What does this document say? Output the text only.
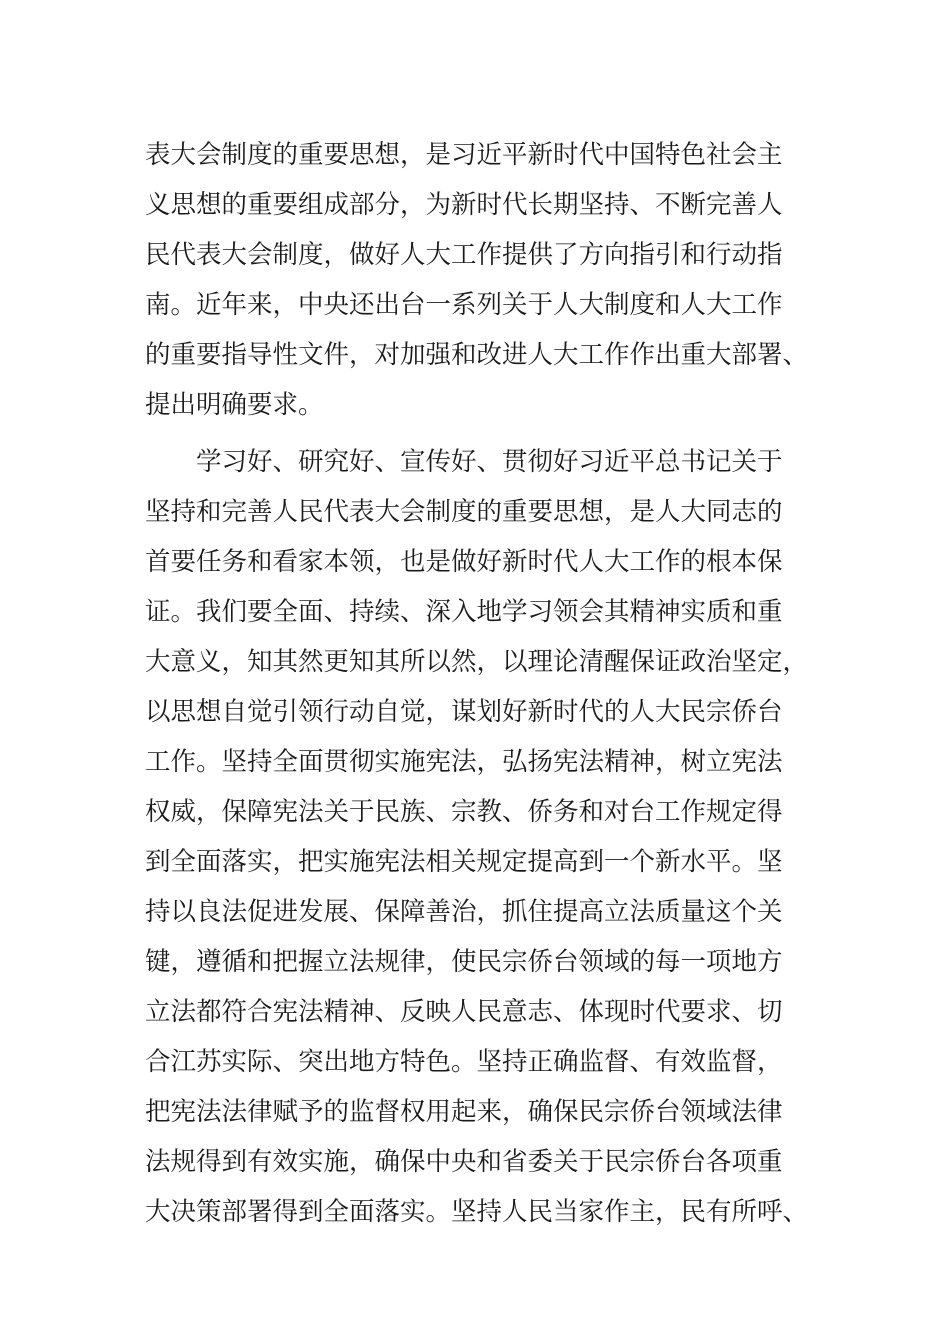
表大会制度的重要思想，是习近平新时代中国特色社会主
义思想的重要组成部分，为新时代长期坚持、不断完善人
民代表大会制度，做好人大工作提供了方向指引和行动指
南。近年来，中央还出台一系列关于人大制度和人大工作
的重要指导性文件，对加强和改进人大工作作出重大部署、
提出明确要求。
学习好、研究好、宣传好、贯彻好习近平总书记关于
坚持和完善人民代表大会制度的重要思想，是人大同志的
首要任务和看家本领，也是做好新时代人大工作的根本保
证。我们要全面、持续、深入地学习领会其精神实质和重
大意义，知其然更知其所以然，以理论清醒保证政治坚定，
以思想自觉引领行动自觉，谋划好新时代的人大民宗侨台
工作。坚持全面贯彻实施宪法，弘扬宪法精神，树立宪法
权威，保障宪法关于民族、宗教、侨务和对台工作规定得
到全面落实，把实施宪法相关规定提高到一个新水平。坚
持以良法促进发展、保障善治，抓住提高立法质量这个关
键，遵循和把握立法规律，使民宗侨台领域的每一项地方
立法都符合宪法精神、反映人民意志、体现时代要求、切
合江苏实际、突出地方特色。坚持正确监督、有效监督，
把宪法法律赋予的监督权用起来，确保民宗侨台领域法律
法规得到有效实施，确保中央和省委关于民宗侨台各项重
大决策部署得到全面落实。坚持人民当家作主，民有所呼、
